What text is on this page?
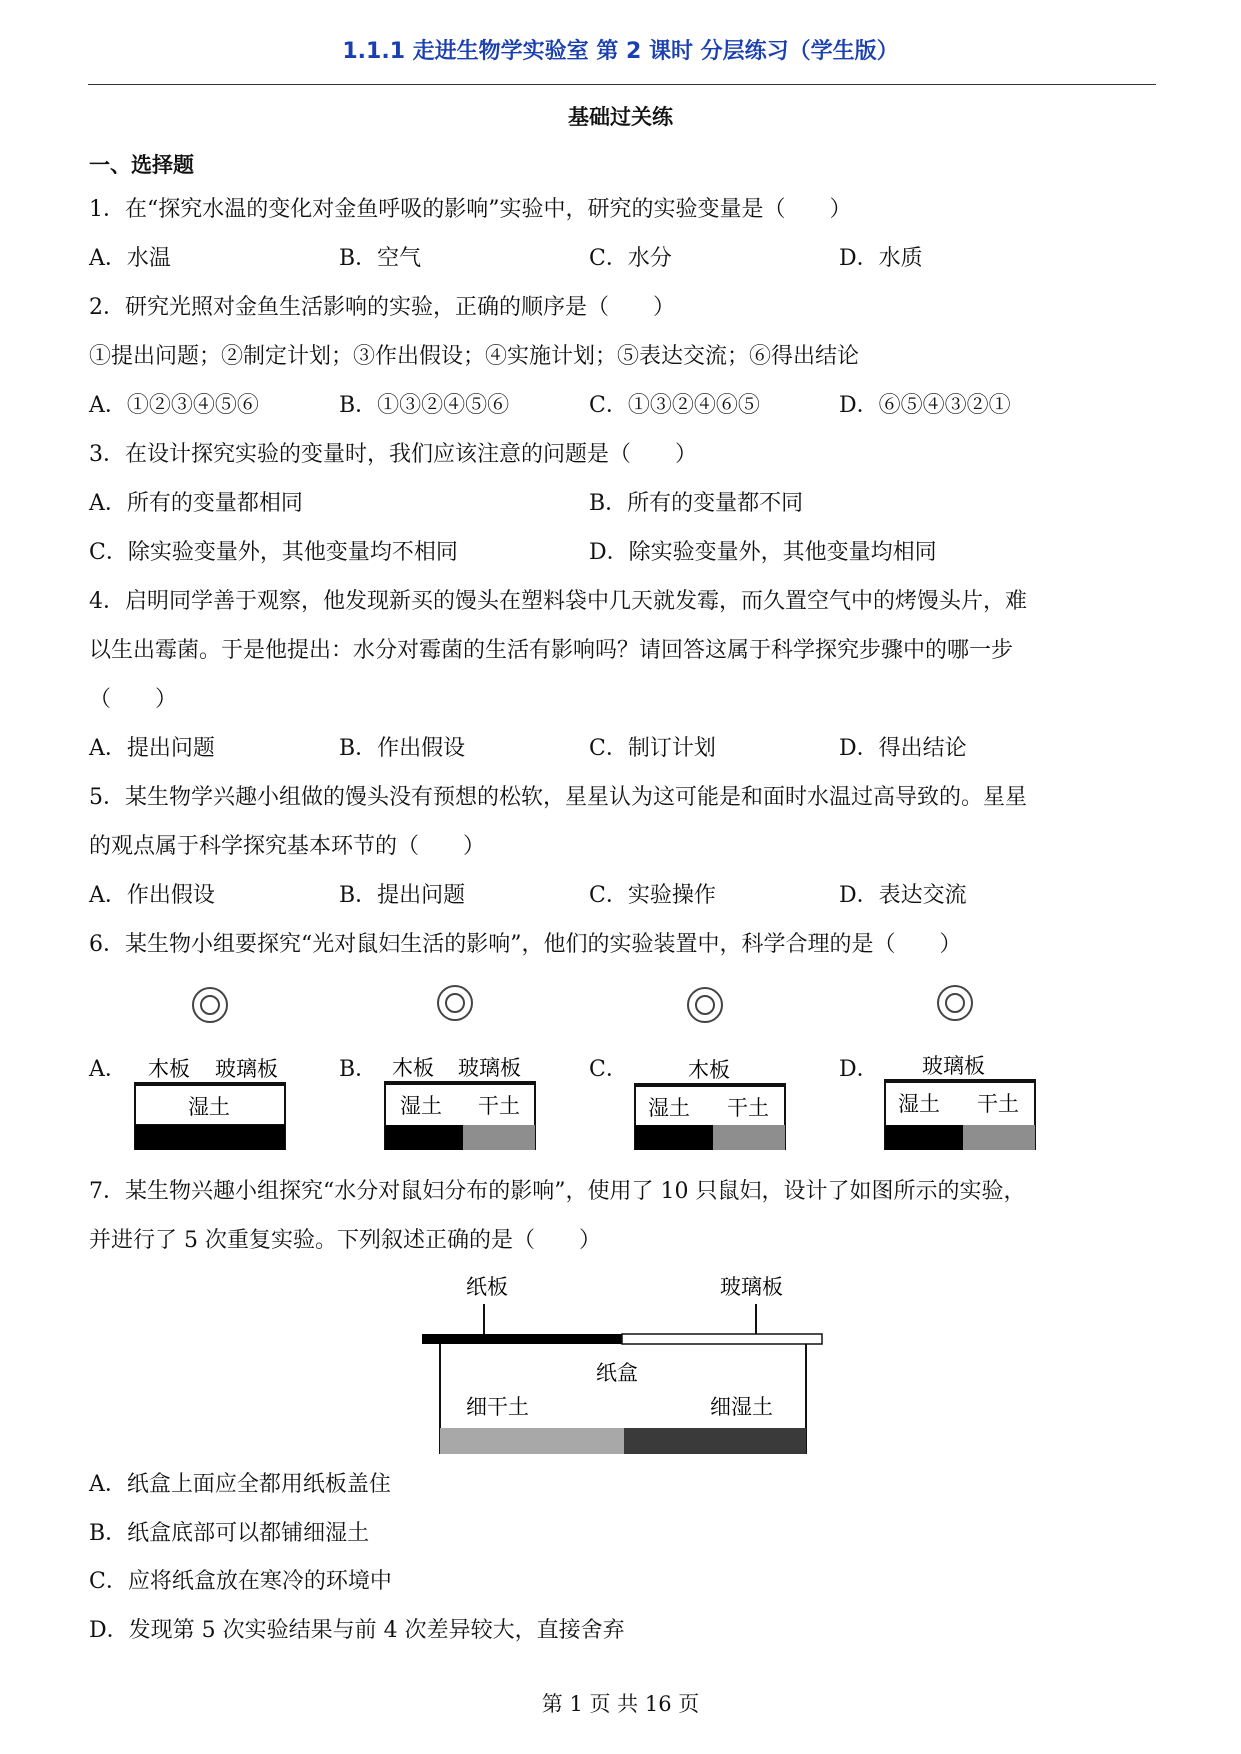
1.1.1 走进生物学实验室 第 2 课时 分层练习（学生版）
基础过关练
一、选择题
1．在“探究水温的变化对金鱼呼吸的影响”实验中，研究的实验变量是（　　）
A．水温	B．空气	C．水分	D．水质
2．研究光照对金鱼生活影响的实验，正确的顺序是（　　）
①提出问题；②制定计划；③作出假设；④实施计划；⑤表达交流；⑥得出结论
A．①②③④⑤⑥	B．①③②④⑤⑥	C．①③②④⑥⑤	D．⑥⑤④③②①
3．在设计探究实验的变量时，我们应该注意的问题是（　　）
A．所有的变量都相同	B．所有的变量都不同
C．除实验变量外，其他变量均不相同	D．除实验变量外，其他变量均相同
4．启明同学善于观察，他发现新买的馒头在塑料袋中几天就发霉，而久置空气中的烤馒头片，难
以生出霉菌。于是他提出：水分对霉菌的生活有影响吗？请回答这属于科学探究步骤中的哪一步
（　　）
A．提出问题	B．作出假设	C．制订计划	D．得出结论
5．某生物学兴趣小组做的馒头没有预想的松软，星星认为这可能是和面时水温过高导致的。星星
的观点属于科学探究基本环节的（　　）
A．作出假设	B．提出问题	C．实验操作	D．表达交流
6．某生物小组要探究“光对鼠妇生活的影响”，他们的实验装置中，科学合理的是（　　）
A．	B．	C．	D．
木板 玻璃板
湿土
木板 玻璃板
湿土 干土
木板
湿土 干土
玻璃板
湿土 干土
7．某生物兴趣小组探究“水分对鼠妇分布的影响”，使用了 10 只鼠妇，设计了如图所示的实验，
并进行了 5 次重复实验。下列叙述正确的是（　　）
纸板	玻璃板
纸盒
细干土	细湿土
A．纸盒上面应全都用纸板盖住
B．纸盒底部可以都铺细湿土
C．应将纸盒放在寒冷的环境中
D．发现第 5 次实验结果与前 4 次差异较大，直接舍弃
第 1 页 共 16 页
